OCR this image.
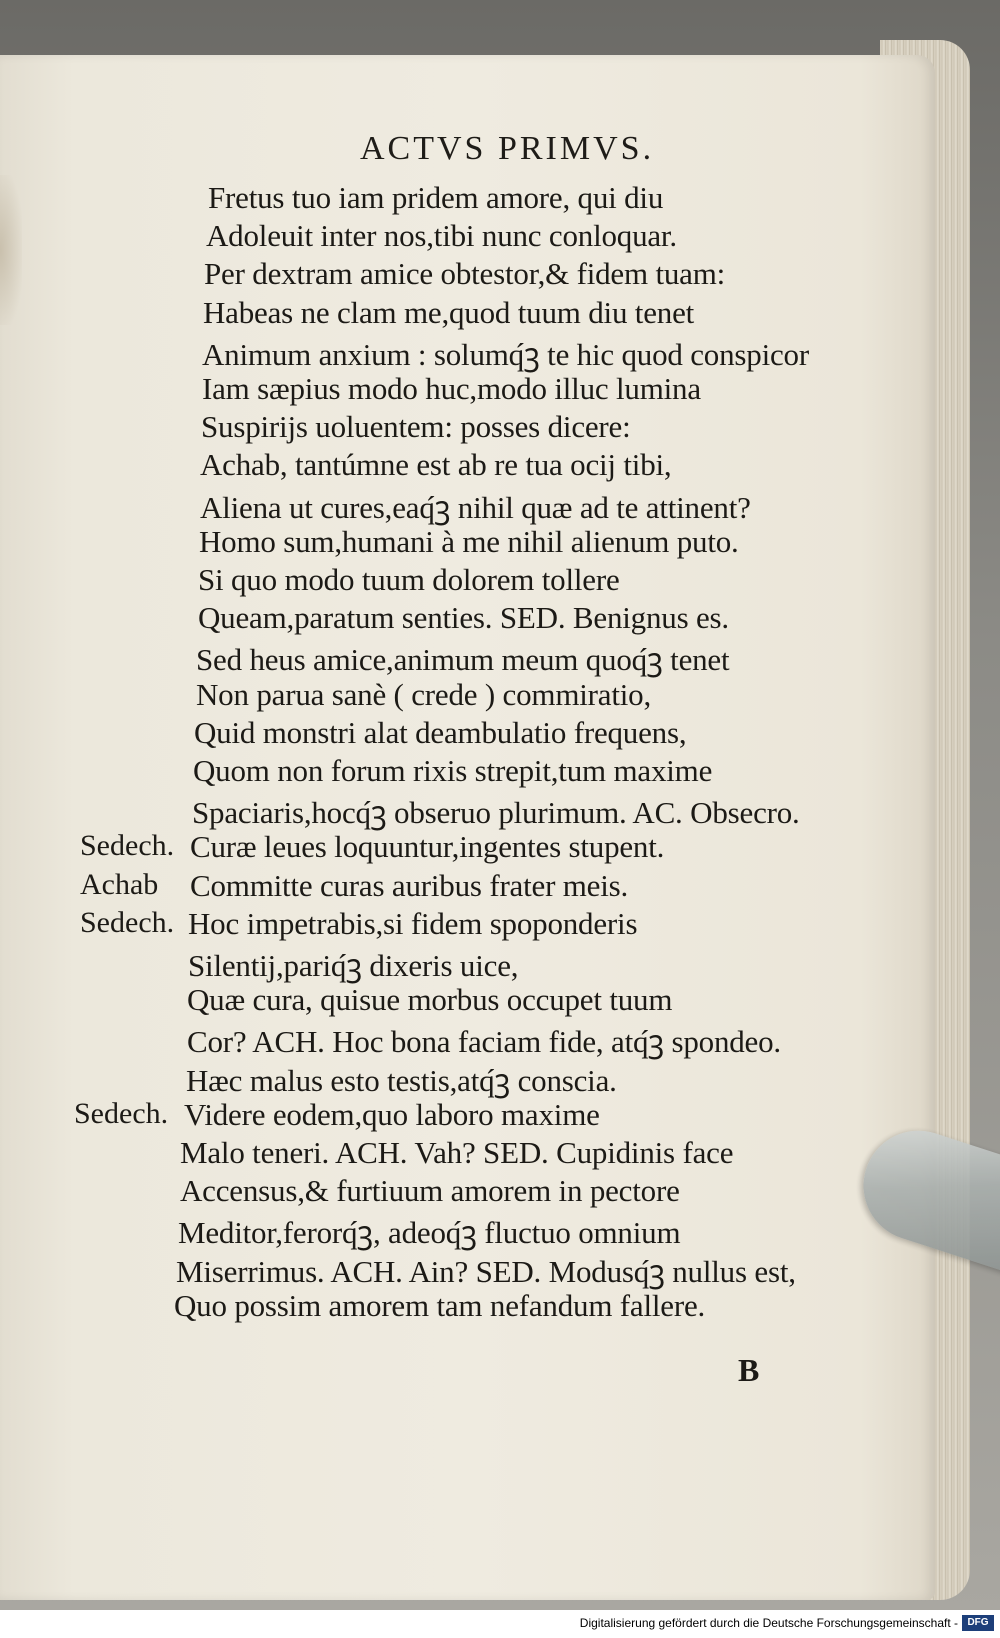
ACTVS PRIMVS.
Fretus tuo iam pridem amore, qui diu
Adoleuit inter nos,tibi nunc conloquar.
Per dextram amice obtestor,& fidem tuam:
Habeas ne clam me,quod tuum diu tenet
Animum anxium : solumq́ꝫ te hic quod conspicor
Iam sæpius modo huc,modo illuc lumina
Suspirijs uoluentem: posses dicere:
Achab, tantúmne est ab re tua ocij tibi,
Aliena ut cures,eaq́ꝫ nihil quæ ad te attinent?
Homo sum,humani à me nihil alienum puto.
Si quo modo tuum dolorem tollere
Queam,paratum senties. SED. Benignus es.
Sed heus amice,animum meum quoq́ꝫ tenet
Non parua sanè ( crede ) commiratio,
Quid monstri alat deambulatio frequens,
Quom non forum rixis strepit,tum maxime
Spaciaris,hocq́ꝫ obseruo plurimum. AC. Obsecro.
Sedech. Curæ leues loquuntur,ingentes stupent.
Achab Committe curas auribus frater meis.
Sedech. Hoc impetrabis,si fidem spoponderis
Silentij,pariq́ꝫ dixeris uice,
Quæ cura, quisue morbus occupet tuum
Cor? ACH. Hoc bona faciam fide, atq́ꝫ spondeo.
Hæc malus esto testis,atq́ꝫ conscia.
Sedech. Videre eodem,quo laboro maxime
Malo teneri. ACH. Vah? SED. Cupidinis face
Accensus,& furtiuum amorem in pectore
Meditor,ferorq́ꝫ, adeoq́ꝫ fluctuo omnium
Miserrimus. ACH. Ain? SED. Modusq́ꝫ nullus est,
Quo possim amorem tam nefandum fallere.
B
Digitalisierung gefördert durch die Deutsche Forschungsgemeinschaft - DFG
